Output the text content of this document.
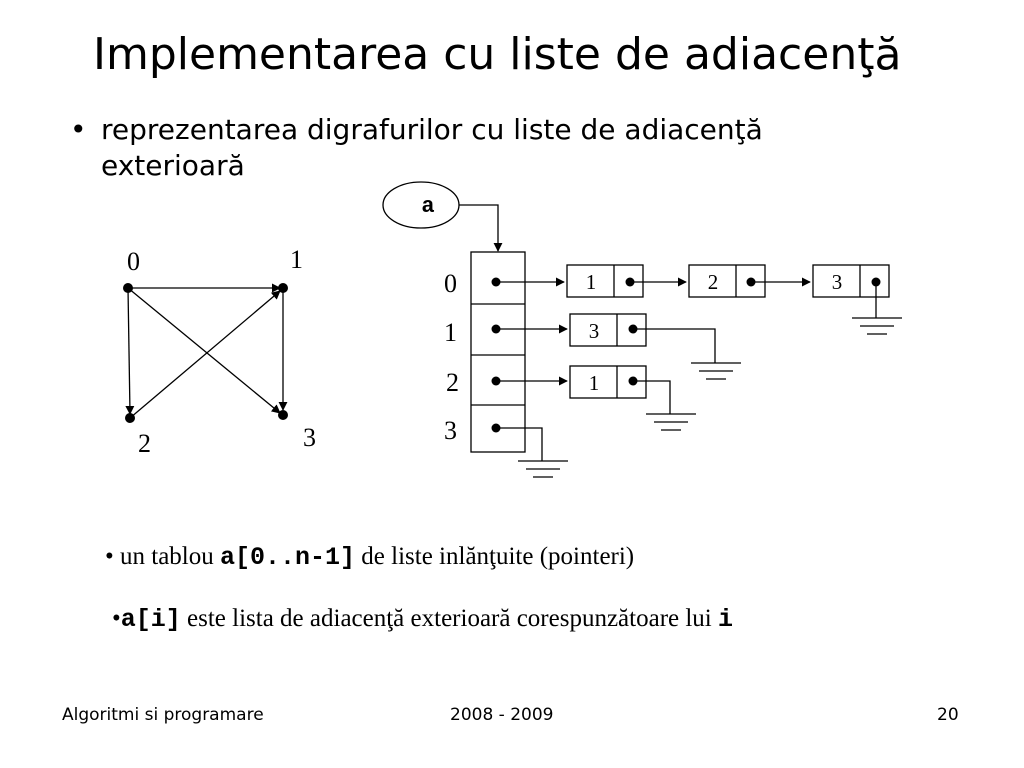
Implementarea cu liste de adiacenţă
• reprezentarea digrafurilor cu liste de adiacenţă
exterioară
0	1
2	3
a
0
1
2
3
1	2	3
3
1
• un tablou a[0..n-1] de liste inlănţuite (pointeri)
•a[i] este lista de adiacenţă exterioară corespunzătoare lui i
Algoritmi si programare	2008 - 2009	20
